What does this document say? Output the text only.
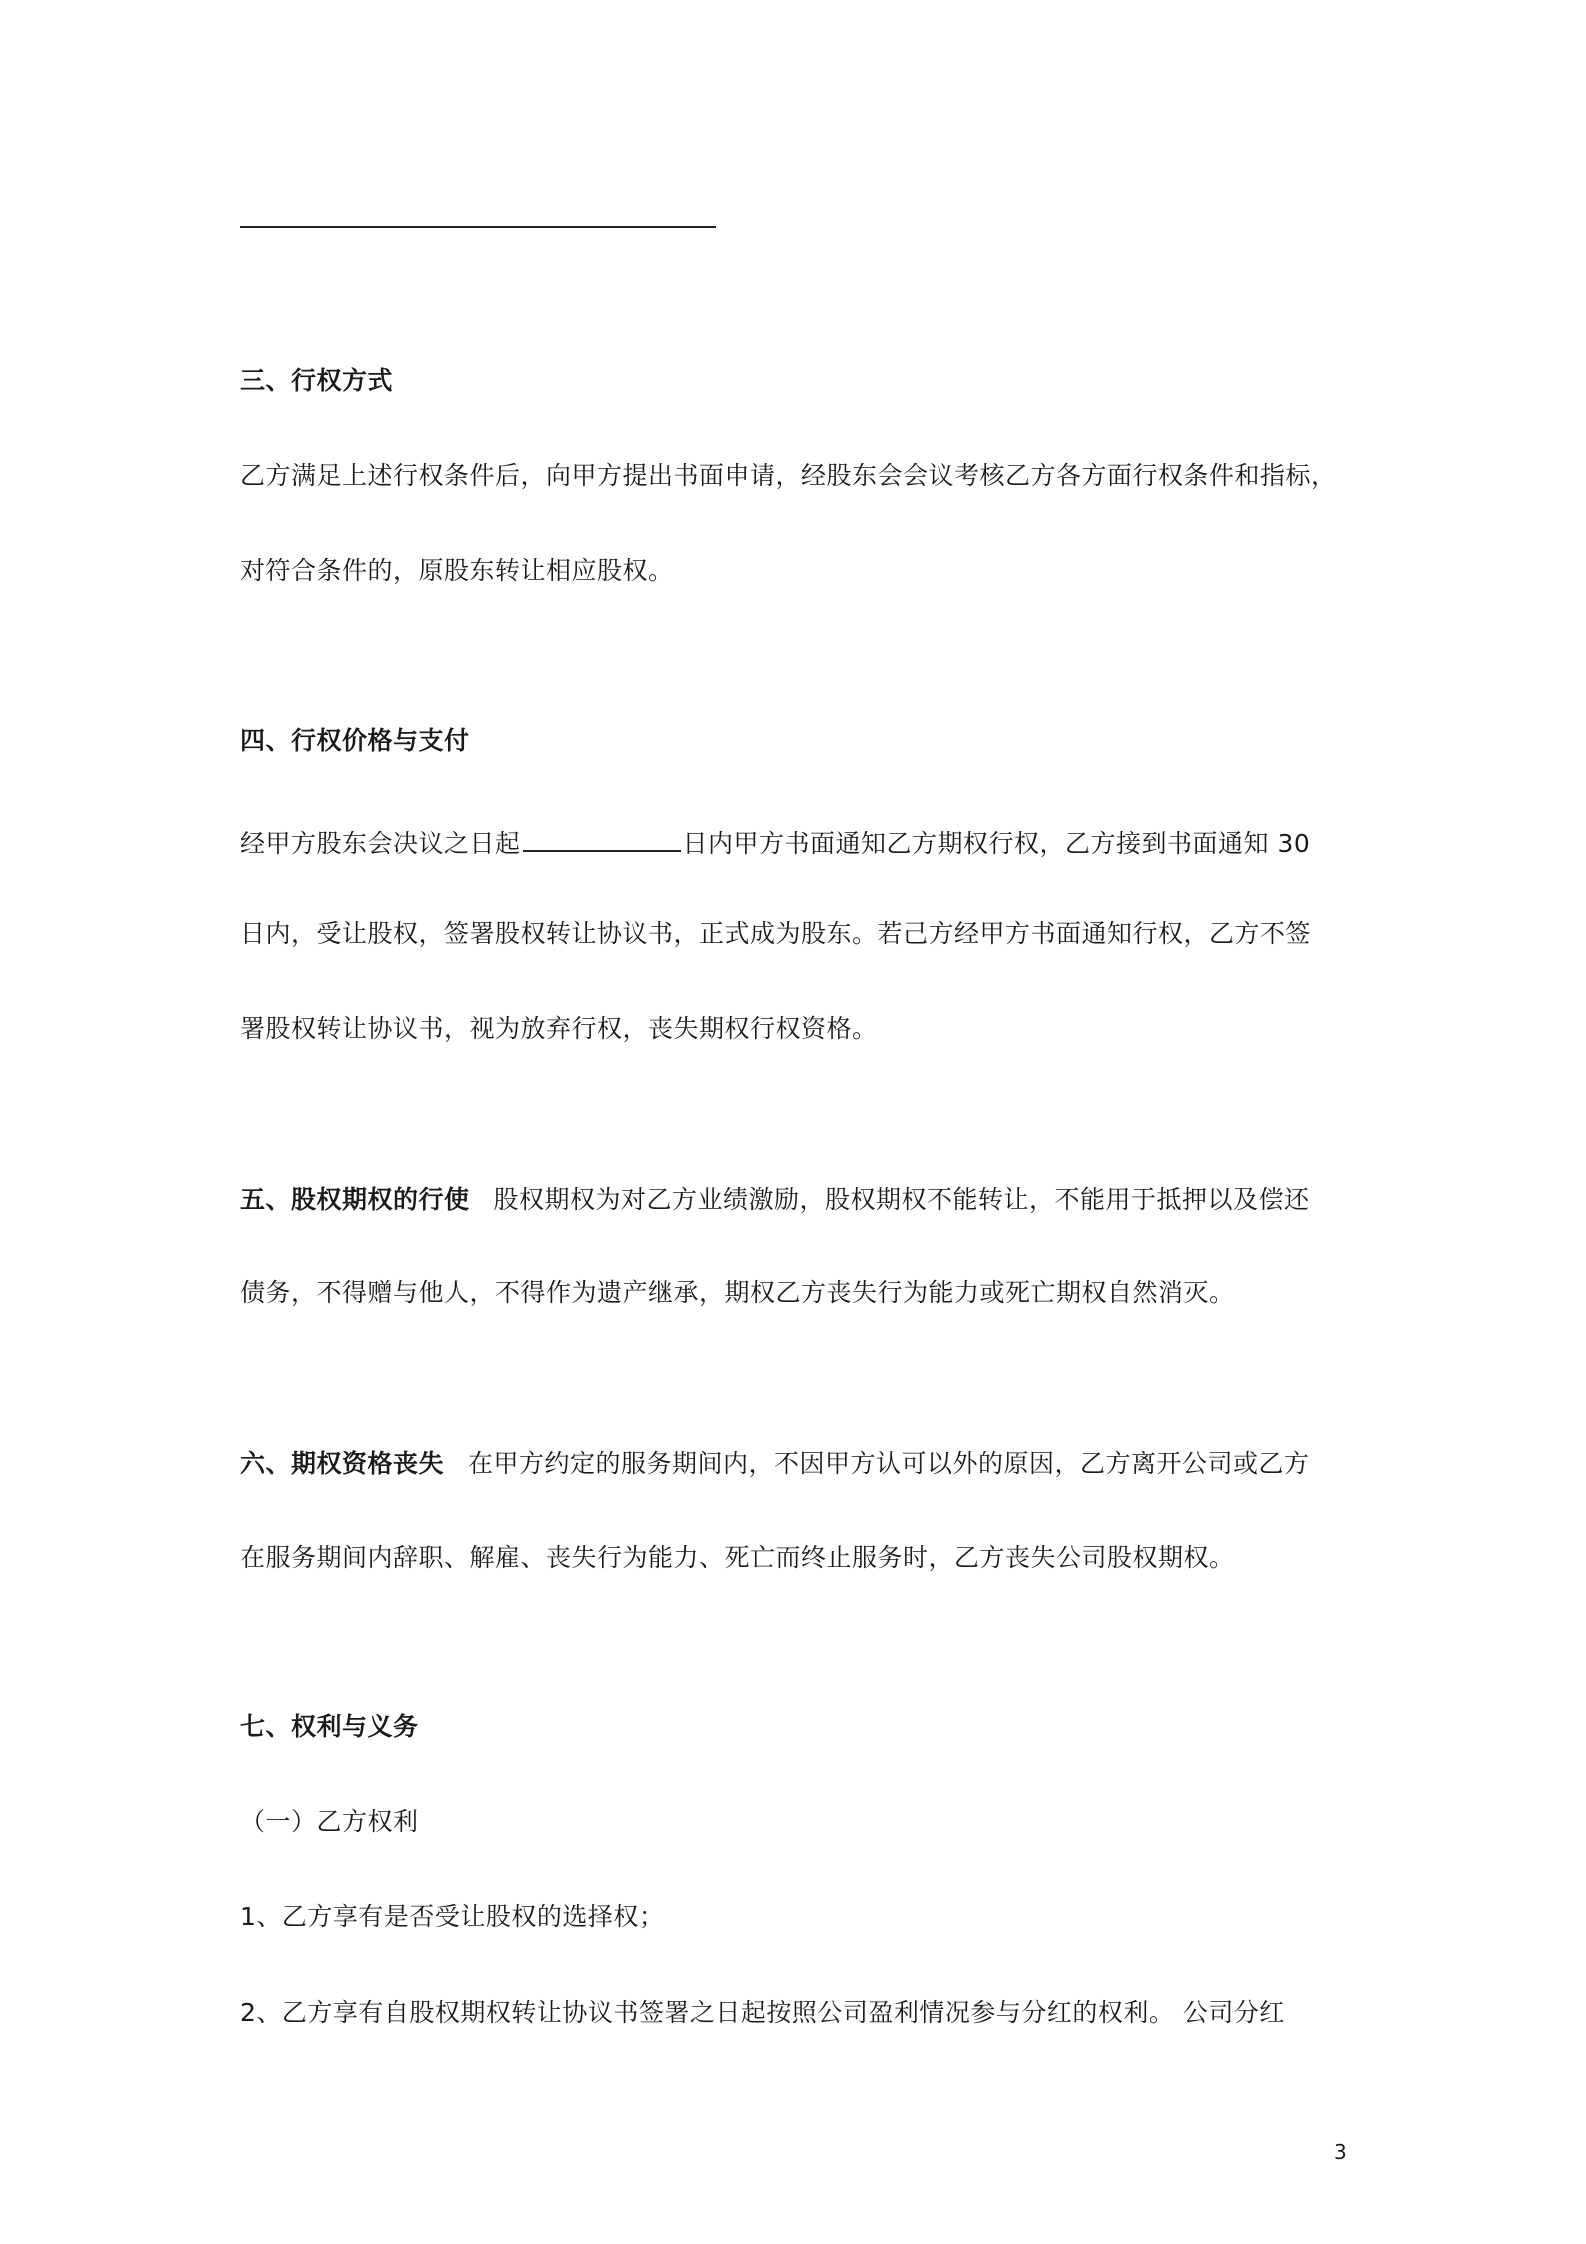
三、行权方式
乙方满足上述行权条件后，向甲方提出书面申请，经股东会会议考核乙方各方面行权条件和指标，
对符合条件的，原股东转让相应股权。
四、行权价格与支付
经甲方股东会决议之日起	日内甲方书面通知乙方期权行权，乙方接到书面通知 30
日内，受让股权，签署股权转让协议书，正式成为股东。若己方经甲方书面通知行权，乙方不签
署股权转让协议书，视为放弃行权，丧失期权行权资格。
五、股权期权的行使 股权期权为对乙方业绩激励，股权期权不能转让，不能用于抵押以及偿还
债务，不得赠与他人，不得作为遗产继承，期权乙方丧失行为能力或死亡期权自然消灭。
六、期权资格丧失 在甲方约定的服务期间内，不因甲方认可以外的原因，乙方离开公司或乙方
在服务期间内辞职、解雇、丧失行为能力、死亡而终止服务时，乙方丧失公司股权期权。
七、权利与义务
（一）乙方权利
1、乙方享有是否受让股权的选择权；
2、乙方享有自股权期权转让协议书签署之日起按照公司盈利情况参与分红的权利。 公司分红
3
